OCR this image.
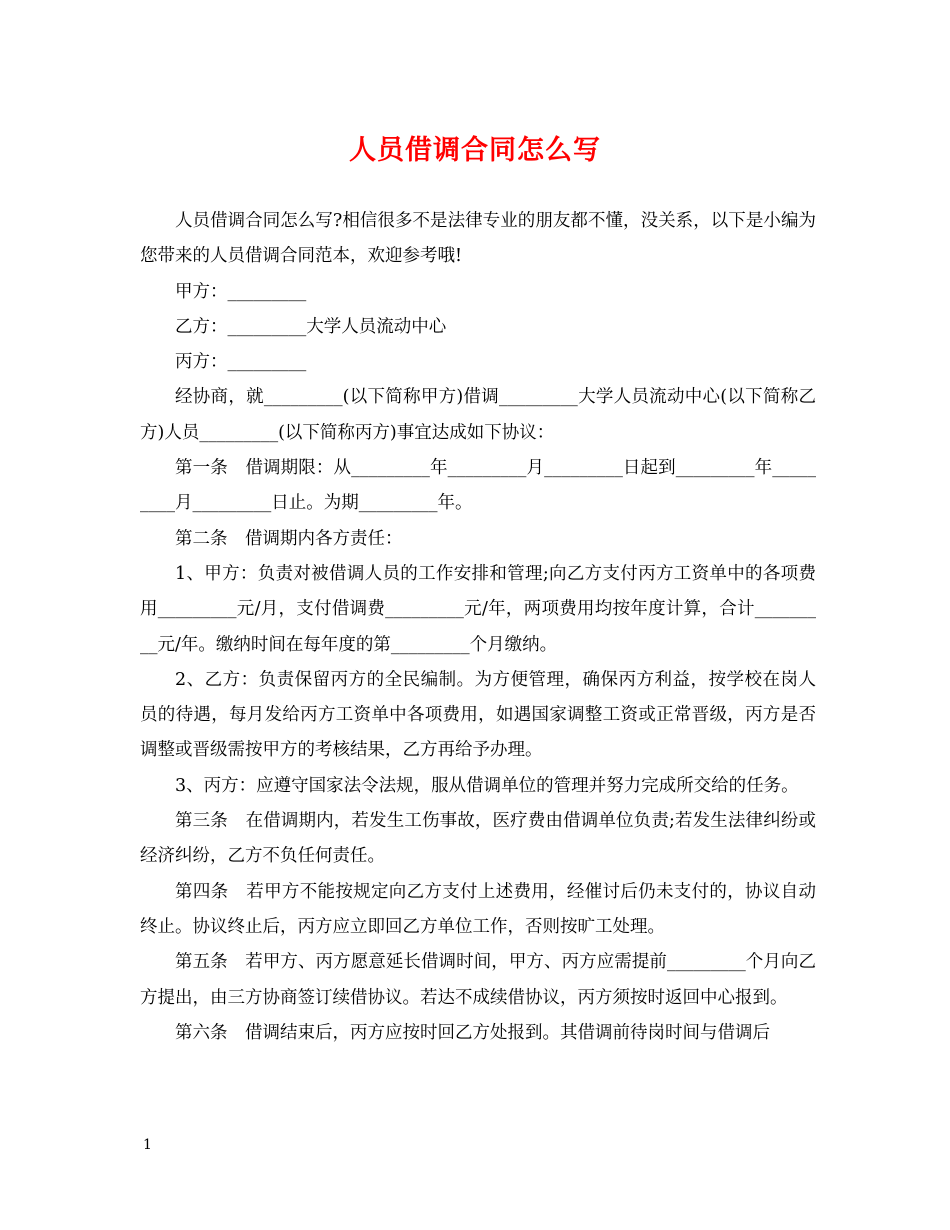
人员借调合同怎么写

人员借调合同怎么写?相信很多不是法律专业的朋友都不懂，没关系，以下是小编为您带来的人员借调合同范本，欢迎参考哦!

甲方：_________

乙方：_________大学人员流动中心

丙方：_________

经协商，就_________(以下简称甲方)借调_________大学人员流动中心(以下简称乙方)人员_________(以下简称丙方)事宜达成如下协议：

第一条　借调期限：从_________年_________月_________日起到_________年_________月_________日止。为期_________年。

第二条　借调期内各方责任：

1、甲方：负责对被借调人员的工作安排和管理;向乙方支付丙方工资单中的各项费用_________元/月，支付借调费_________元/年，两项费用均按年度计算，合计_________元/年。缴纳时间在每年度的第_________个月缴纳。

2、乙方：负责保留丙方的全民编制。为方便管理，确保丙方利益，按学校在岗人员的待遇，每月发给丙方工资单中各项费用，如遇国家调整工资或正常晋级，丙方是否调整或晋级需按甲方的考核结果，乙方再给予办理。

3、丙方：应遵守国家法令法规，服从借调单位的管理并努力完成所交给的任务。

第三条　在借调期内，若发生工伤事故，医疗费由借调单位负责;若发生法律纠纷或经济纠纷，乙方不负任何责任。

第四条　若甲方不能按规定向乙方支付上述费用，经催讨后仍未支付的，协议自动终止。协议终止后，丙方应立即回乙方单位工作，否则按旷工处理。

第五条　若甲方、丙方愿意延长借调时间，甲方、丙方应需提前_________个月向乙方提出，由三方协商签订续借协议。若达不成续借协议，丙方须按时返回中心报到。

第六条　借调结束后，丙方应按时回乙方处报到。其借调前待岗时间与借调后

1
